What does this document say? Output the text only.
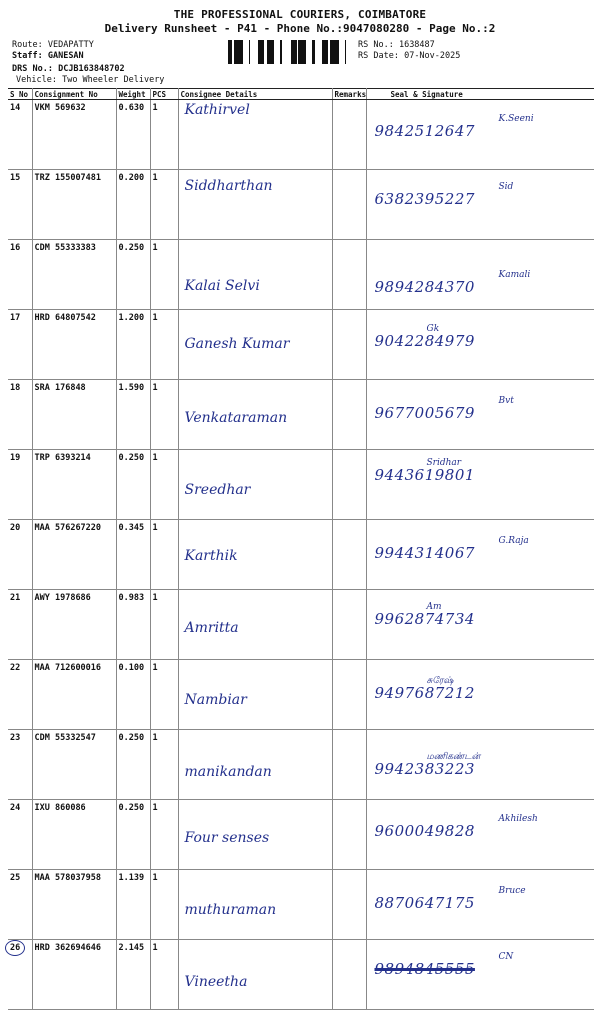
THE PROFESSIONAL COURIERS, COIMBATORE
Delivery Runsheet - P41 - Phone No.:9047080280 - Page No.:2
Route: VEDAPATTY
Staff: GANESAN
DRS No.: DCJB163848702
Vehicle: Two Wheeler Delivery
RS No.: 1638487
RS Date: 07-Nov-2025
S No	Consignment No	Weight	PCS	Consignee Details	Remarks	Seal & Signature
14	VKM 569632	0.630	1	Kathirvel		9842512647
K.Seeni

15	TRZ 155007481	0.200	1	Siddharthan		6382395227
Sid

16	CDM 55333383	0.250	1	Kalai Selvi		9894284370
Kamali

17	HRD 64807542	1.200	1	Ganesh Kumar		9042284979
Gk

18	SRA 176848	1.590	1	Venkataraman		9677005679
Bvt

19	TRP 6393214	0.250	1	Sreedhar		9443619801
Sridhar

20	MAA 576267220	0.345	1	Karthik		9944314067
G.Raja

21	AWY 1978686	0.983	1	Amritta		9962874734
Am

22	MAA 712600016	0.100	1	Nambiar		9497687212
சுரேஷ்

23	CDM 55332547	0.250	1	manikandan		9942383223
மணிகண்டன்

24	IXU 860086	0.250	1	Four senses		9600049828
Akhilesh

25	MAA 578037958	1.139	1	muthuraman		8870647175
Bruce

26	HRD 362694646	2.145	1	Vineetha		9894845555
CN
